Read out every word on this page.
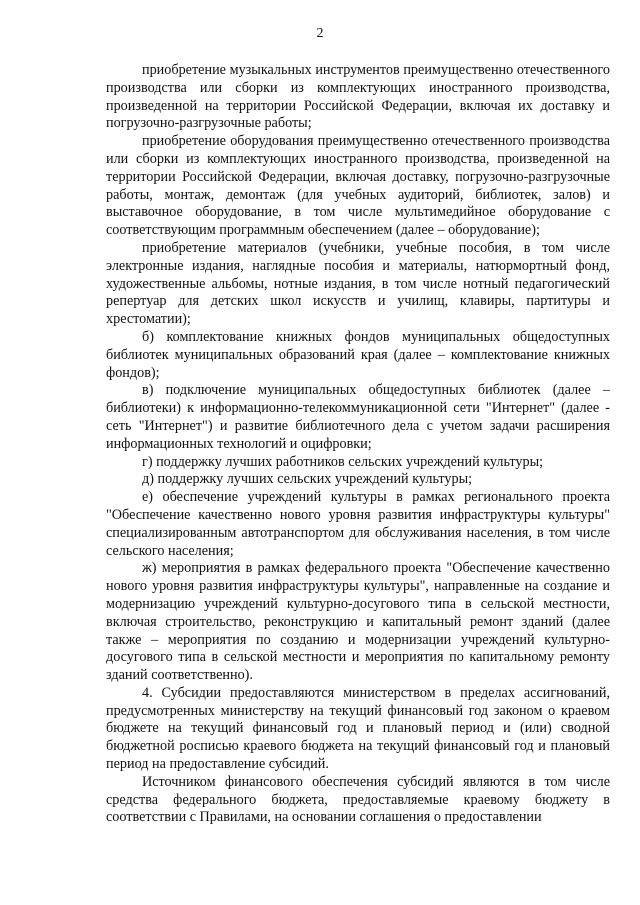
2

приобретение музыкальных инструментов преимущественно отечественного производства или сборки из комплектующих иностранного производства, произведенной на территории Российской Федерации, включая их доставку и погрузочно-разгрузочные работы;

приобретение оборудования преимущественно отечественного производства или сборки из комплектующих иностранного производства, произведенной на территории Российской Федерации, включая доставку, погрузочно-разгрузочные работы, монтаж, демонтаж (для учебных аудиторий, библиотек, залов) и выставочное оборудование, в том числе мультимедийное оборудование с соответствующим программным обеспечением (далее – оборудование);

приобретение материалов (учебники, учебные пособия, в том числе электронные издания, наглядные пособия и материалы, натюрмортный фонд, художественные альбомы, нотные издания, в том числе нотный педагогический репертуар для детских школ искусств и училищ, клавиры, партитуры и хрестоматии);

б) комплектование книжных фондов муниципальных общедоступных библиотек муниципальных образований края (далее – комплектование книжных фондов);

в) подключение муниципальных общедоступных библиотек (далее – библиотеки) к информационно-телекоммуникационной сети "Интернет" (далее - сеть "Интернет") и развитие библиотечного дела с учетом задачи расширения информационных технологий и оцифровки;

г) поддержку лучших работников сельских учреждений культуры;

д) поддержку лучших сельских учреждений культуры;

е) обеспечение учреждений культуры в рамках регионального проекта "Обеспечение качественно нового уровня развития инфраструктуры культуры" специализированным автотранспортом для обслуживания населения, в том числе сельского населения;

ж) мероприятия в рамках федерального проекта "Обеспечение качественно нового уровня развития инфраструктуры культуры", направленные на создание и модернизацию учреждений культурно-досугового типа в сельской местности, включая строительство, реконструкцию и капитальный ремонт зданий (далее также – мероприятия по созданию и модернизации учреждений культурно-досугового типа в сельской местности и мероприятия по капитальному ремонту зданий соответственно).

4. Субсидии предоставляются министерством в пределах ассигнований, предусмотренных министерству на текущий финансовый год законом о краевом бюджете на текущий финансовый год и плановый период и (или) сводной бюджетной росписью краевого бюджета на текущий финансовый год и плановый период на предоставление субсидий.

Источником финансового обеспечения субсидий являются в том числе средства федерального бюджета, предоставляемые краевому бюджету в соответствии с Правилами, на основании соглашения о предоставлении
